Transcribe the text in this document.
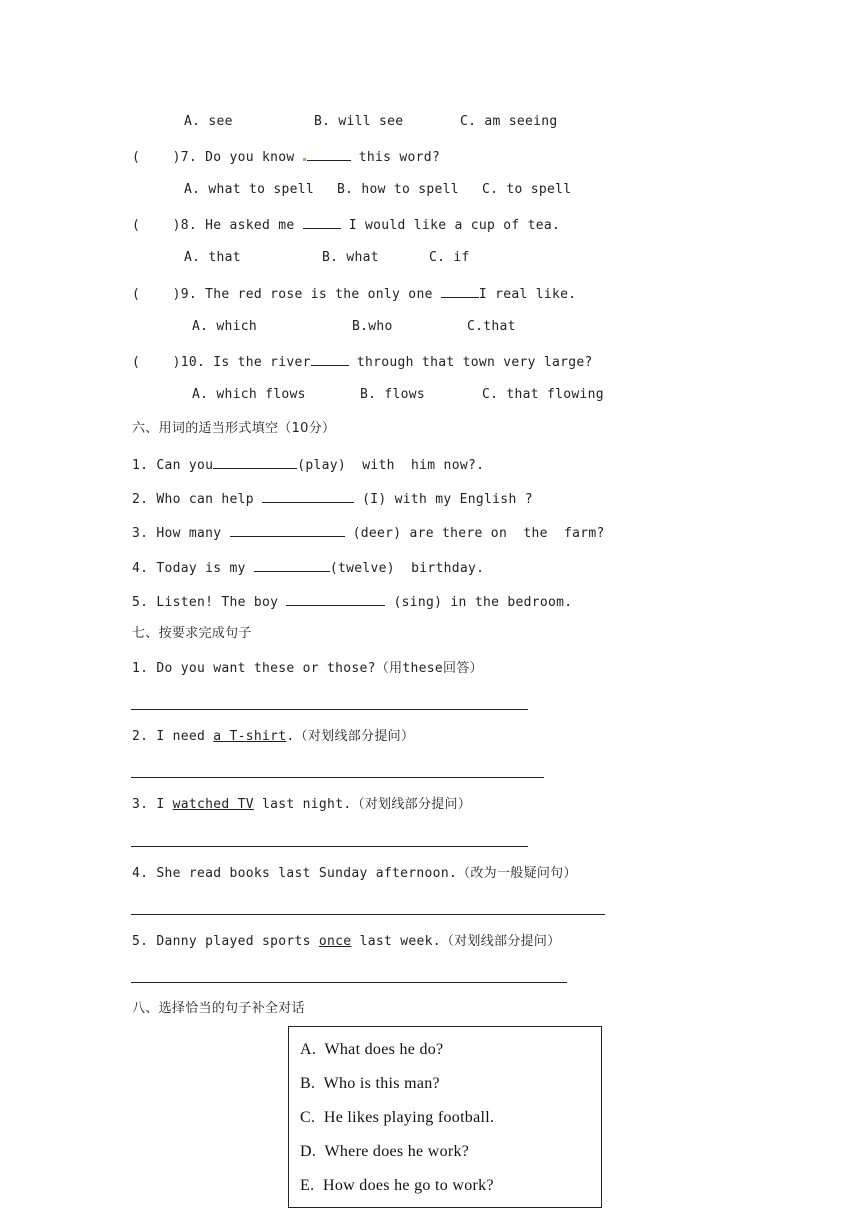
A. see	B. will see	C. am seeing
(    )7. Do you know	this word?
A. what to spell B. how to spell C. to spell
(    )8. He asked me	I would like a cup of tea.
A. that	B. what	C. if
(    )9. The red rose is the only one	I real like.
A. which	B.who	C.that
(    )10. Is the river	through that town very large?
A. which flows	B. flows	C. that flowing
六、用词的适当形式填空（10分）
1. Can you	(play)  with  him now?.
2. Who can help	(I) with my English ?
3. How many	(deer) are there on  the  farm?
4. Today is my	(twelve)  birthday.
5. Listen! The boy	(sing) in the bedroom.
七、按要求完成句子
1. Do you want these or those?（用these回答）
2. I need a T-shirt.（对划线部分提问）
3. I watched TV last night.（对划线部分提问）
4. She read books last Sunday afternoon.（改为一般疑问句）
5. Danny played sports once last week.（对划线部分提问）
八、选择恰当的句子补全对话
A.  What does he do?
B.  Who is this man?
C.  He likes playing football.
D.  Where does he work?
E.  How does he go to work?
